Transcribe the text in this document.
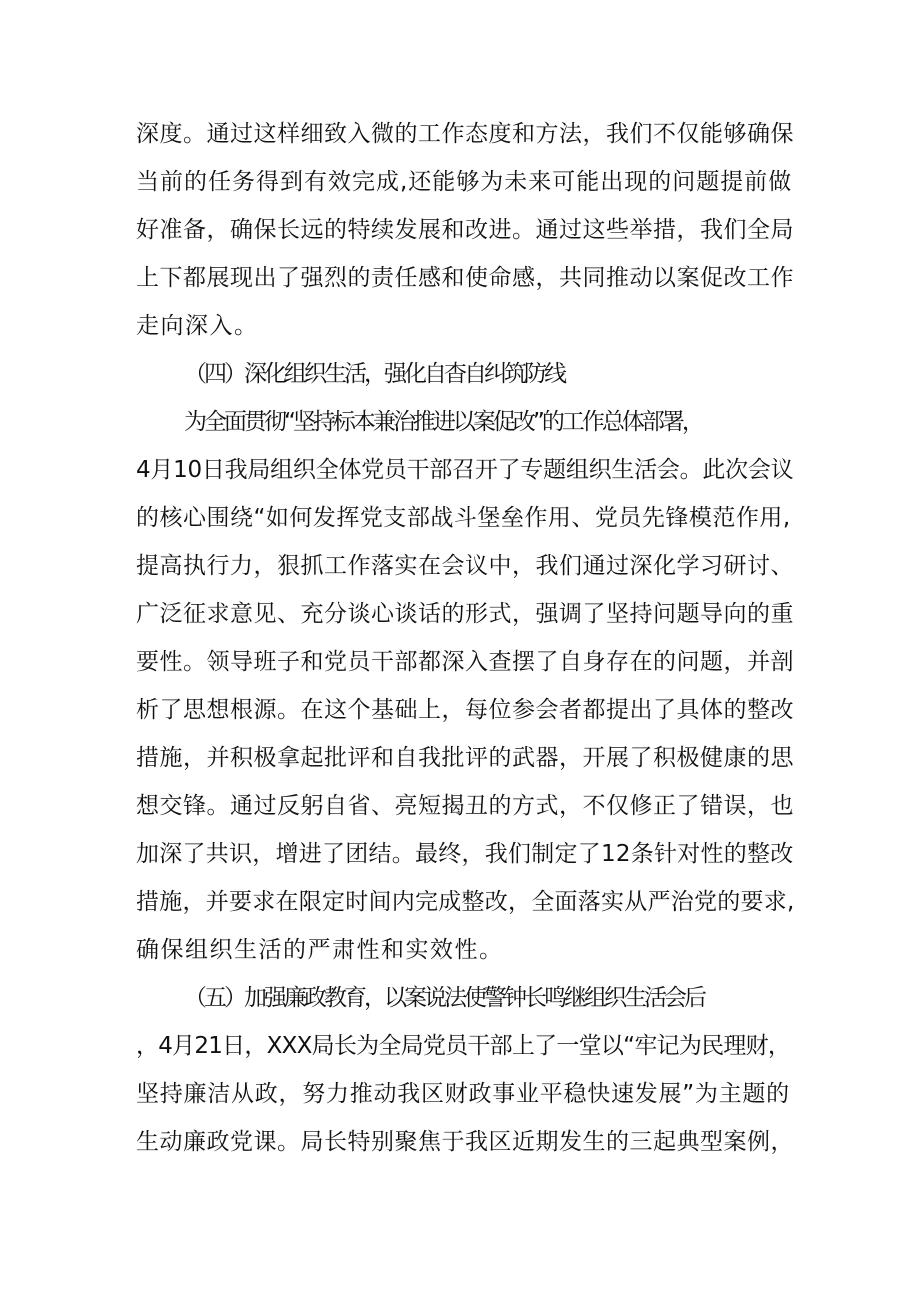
深度。通过这样细致入微的工作态度和方法，我们不仅能够确保
当前的任务得到有效完成,还能够为未来可能出现的问题提前做
好准备，确保长远的特续发展和改进。通过这些举措，我们全局
上下都展现出了强烈的责任感和使命感，共同推动以案促改工作
走向深入。
（四）深化组织生活，强化自杳自纠筑防线
为全面贯彻“坚持标本兼治推进以案促改”的工作总体部署，
4月10日我局组织全体党员干部召开了专题组织生活会。此次会议
的核心围绕“如何发挥党支部战斗堡垒作用、党员先锋模范作用,
提高执行力，狠抓工作落实在会议中，我们通过深化学习研讨、
广泛征求意见、充分谈心谈话的形式，强调了坚持问题导向的重
要性。领导班子和党员干部都深入查摆了自身存在的问题，并剖
析了思想根源。在这个基础上，每位参会者都提出了具体的整改
措施，并积极拿起批评和自我批评的武器，开展了积极健康的思
想交锋。通过反躬自省、亮短揭丑的方式，不仅修正了错误，也
加深了共识，增进了团结。最终，我们制定了12条针对性的整改
措施，并要求在限定时间内完成整改，全面落实从严治党的要求,
确保组织生活的严肃性和实效性。
（五）加强廉政教育，以案说法使警钟长鸣继组织生活会后
，4月21日，XXX局长为全局党员干部上了一堂以“牢记为民理财，
坚持廉洁从政，努力推动我区财政事业平稳快速发展”为主题的
生动廉政党课。局长特别聚焦于我区近期发生的三起典型案例，
